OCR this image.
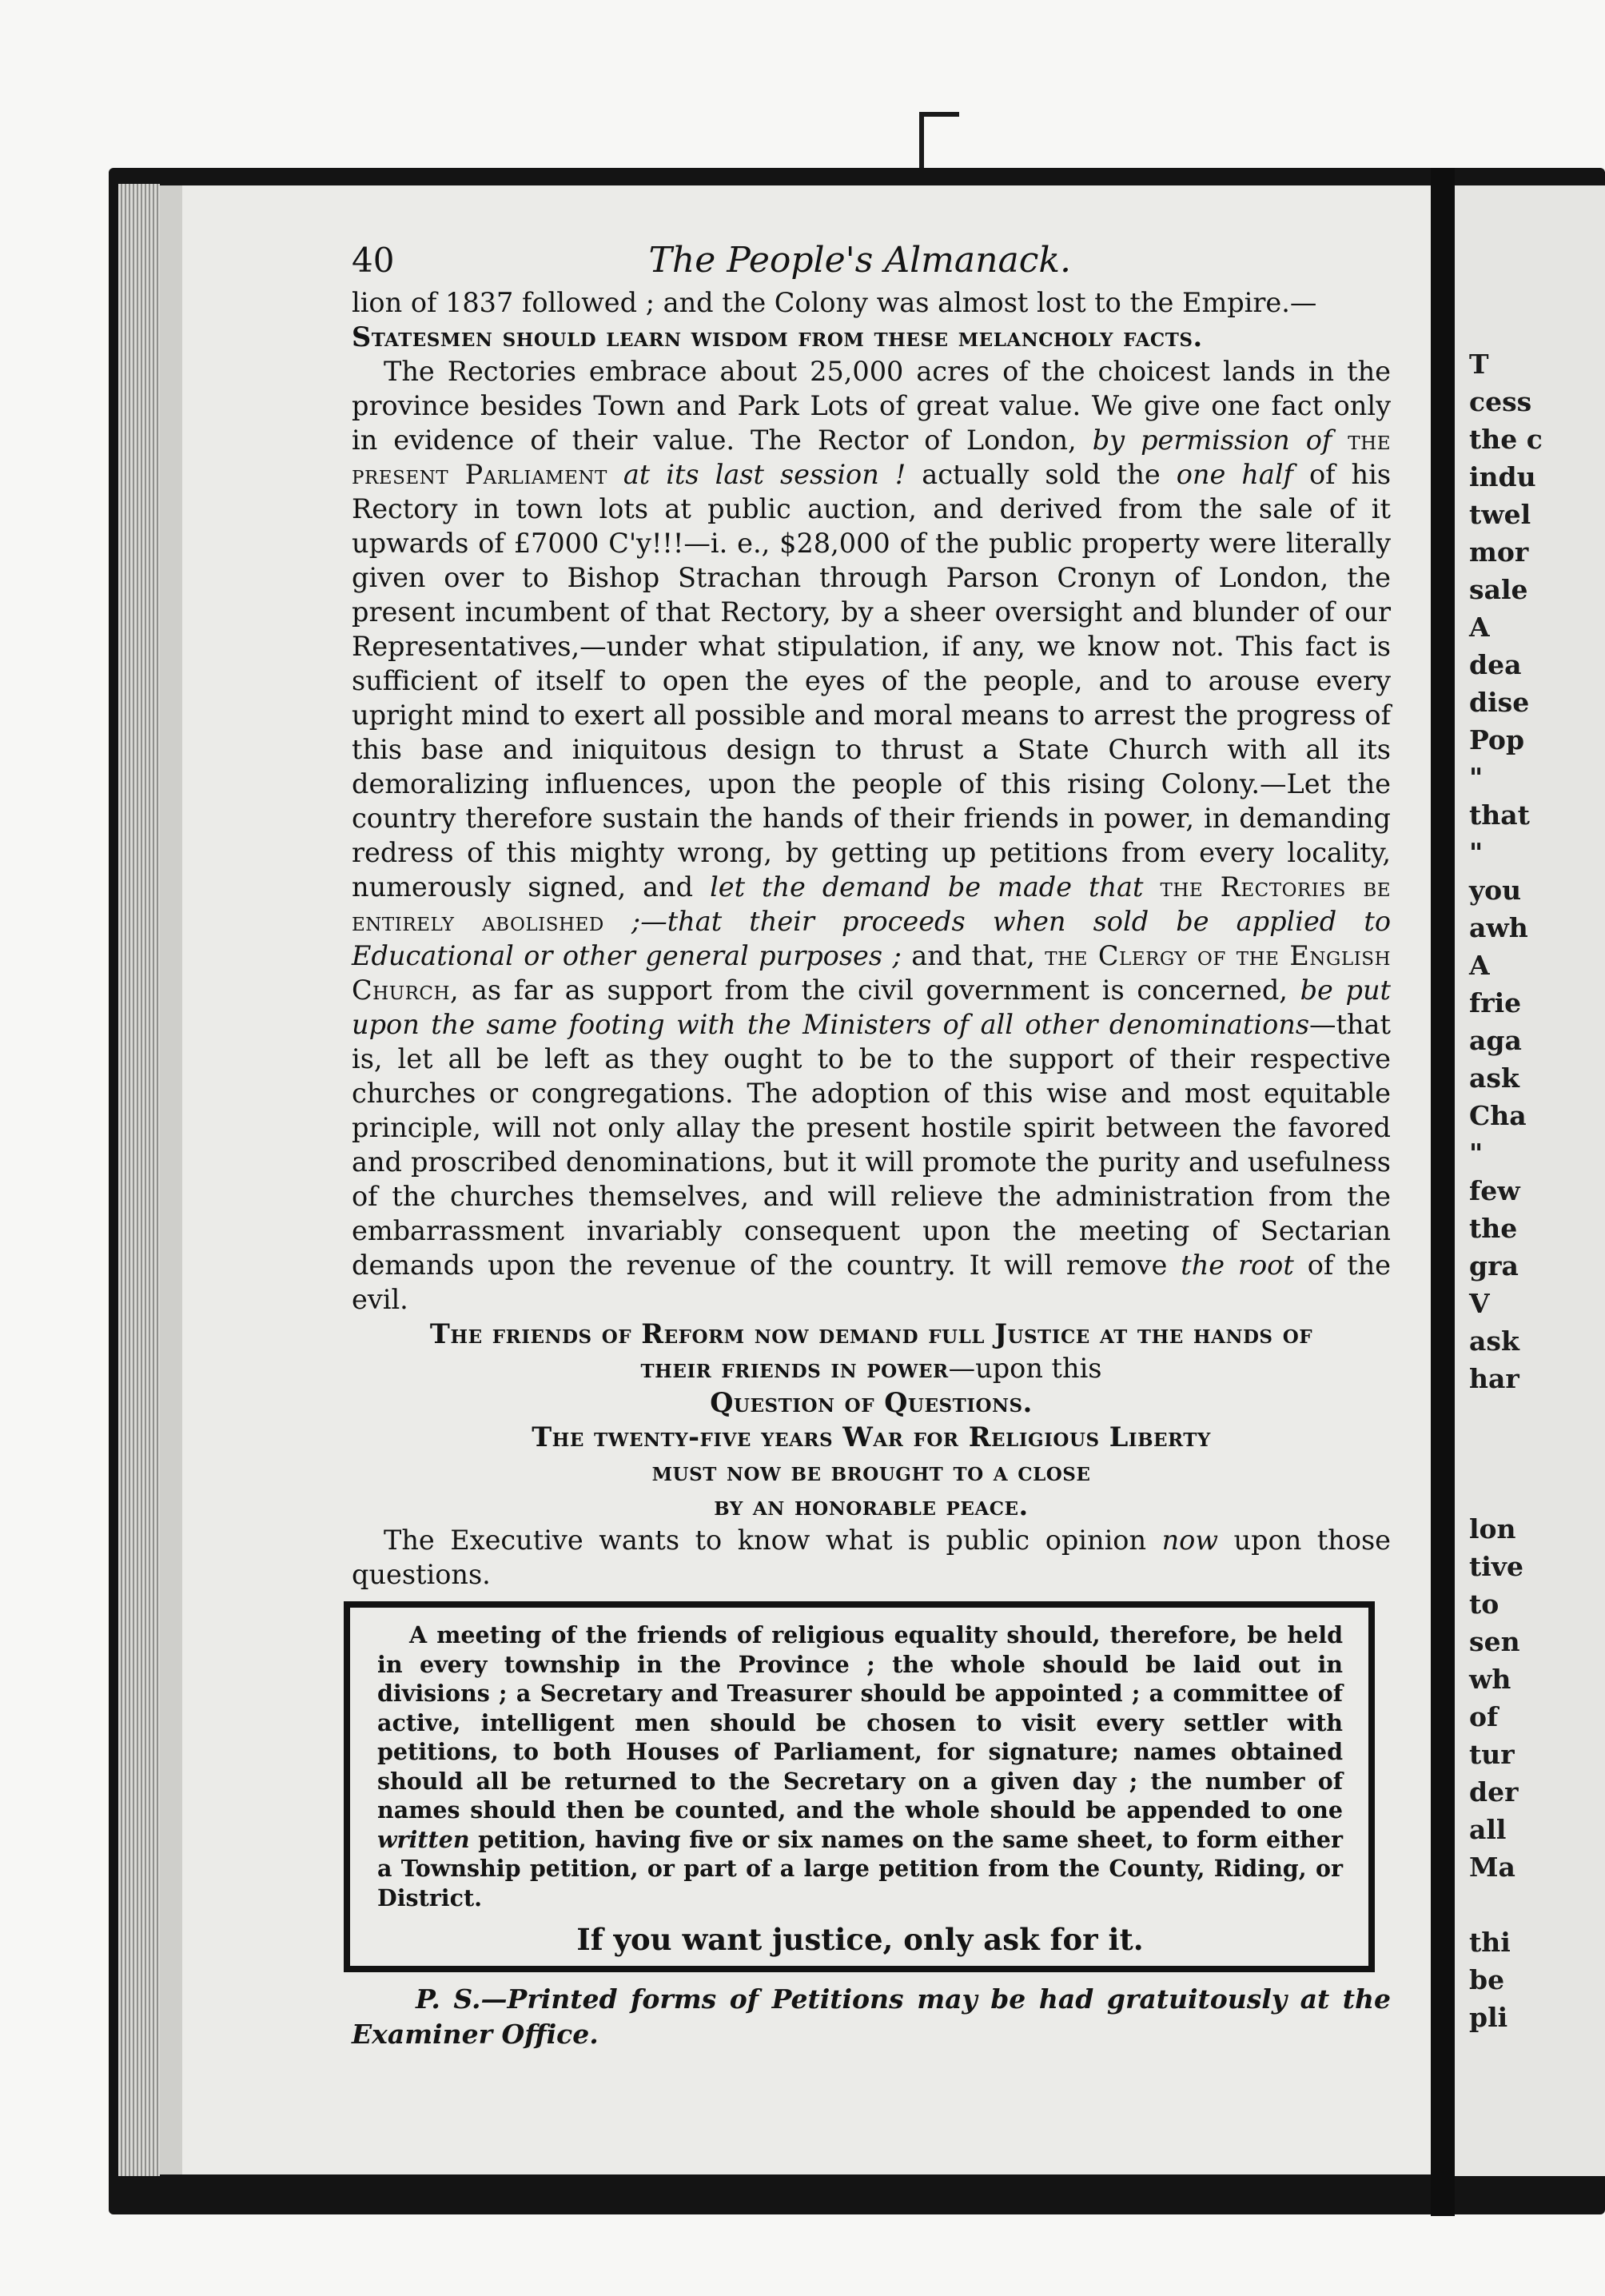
T
cess
the c
indu
twel
mor
sale
A
dea
dise
Pop
"
that
"
you
awh
A
frie
aga
ask
Cha
"
few
the
gra
V
ask
har

lon
tive
to
sen
wh
of
tur
der
all
Ma

thi
be
pli
40	The People's Almanack.

lion of 1837 followed ; and the Colony was almost lost to the Empire.—
Statesmen should learn wisdom from these melancholy facts.

The Rectories embrace about 25,000 acres of the choicest lands in the province besides Town and Park Lots of great value. We give one fact only in evidence of their value. The Rector of London, by permission of the present Parliament at its last session ! actually sold the one half of his Rectory in town lots at public auction, and derived from the sale of it upwards of £7000 C'y!!!—i. e., $28,000 of the public property were literally given over to Bishop Strachan through Parson Cronyn of London, the present incumbent of that Rectory, by a sheer oversight and blunder of our Representatives,—under what stipulation, if any, we know not. This fact is sufficient of itself to open the eyes of the people, and to arouse every upright mind to exert all possible and moral means to arrest the progress of this base and iniquitous design to thrust a State Church with all its demoralizing influences, upon the people of this rising Colony.—Let the country therefore sustain the hands of their friends in power, in demanding redress of this mighty wrong, by getting up petitions from every locality, numerously signed, and let the demand be made that the Rectories be entirely abolished ;—that their proceeds when sold be applied to Educational or other general purposes ; and that, the Clergy of the English Church, as far as support from the civil government is concerned, be put upon the same footing with the Ministers of all other denominations—that is, let all be left as they ought to be to the support of their respective churches or congregations. The adoption of this wise and most equitable principle, will not only allay the present hostile spirit between the favored and proscribed denominations, but it will promote the purity and usefulness of the churches themselves, and will relieve the administration from the embarrassment invariably consequent upon the meeting of Sectarian demands upon the revenue of the country. It will remove the root of the evil.

The friends of Reform now demand full Justice at the hands of

their friends in power—upon this

Question of Questions.

The twenty-five years War for Religious Liberty

must now be brought to a close

by an honorable peace.

The Executive wants to know what is public opinion now upon those questions.

A meeting of the friends of religious equality should, therefore, be held in every township in the Province ; the whole should be laid out in divisions ; a Secretary and Treasurer should be appointed ; a committee of active, intelligent men should be chosen to visit every settler with petitions, to both Houses of Parliament, for signature; names obtained should all be returned to the Secretary on a given day ; the number of names should then be counted, and the whole should be appended to one written petition, having five or six names on the same sheet, to form either a Township petition, or part of a large petition from the County, Riding, or District.
If you want justice, only ask for it.
P. S.—Printed forms of Petitions may be had gratuitously at the Examiner Office.
